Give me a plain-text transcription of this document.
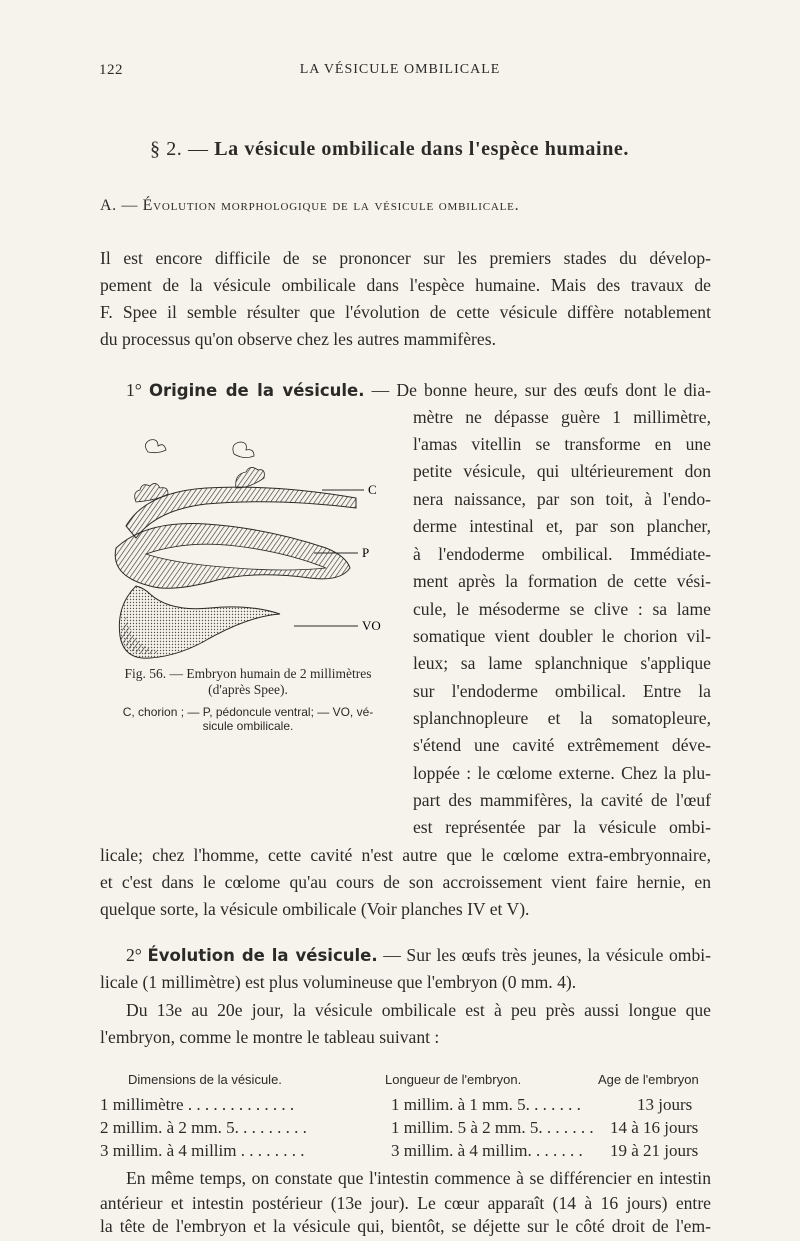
122	LA VÉSICULE OMBILICALE
§ 2. — La vésicule ombilicale dans l'espèce humaine.
A. — Évolution morphologique de la vésicule ombilicale.
Il est encore difficile de se prononcer sur les premiers stades du dévelop-
pement de la vésicule ombilicale dans l'espèce humaine. Mais des travaux de
F. Spee il semble résulter que l'évolution de cette vésicule diffère notablement
du processus qu'on observe chez les autres mammifères.
1° Origine de la vésicule. — De bonne heure, sur des œufs dont le dia-
mètre ne dépasse guère 1 millimètre,
l'amas vitellin se transforme en une
petite vésicule, qui ultérieurement don
nera naissance, par son toit, à l'endo-
derme intestinal et, par son plancher,
à l'endoderme ombilical. Immédiate-
ment après la formation de cette vési-
cule, le mésoderme se clive : sa lame
somatique vient doubler le chorion vil-
leux; sa lame splanchnique s'applique
sur l'endoderme ombilical. Entre la
splanchnopleure et la somatopleure,
s'étend une cavité extrêmement déve-
loppée : le cœlome externe. Chez la plu-
part des mammifères, la cavité de l'œuf
est représentée par la vésicule ombi-
licale; chez l'homme, cette cavité n'est autre que le cœlome extra-embryonnaire,
et c'est dans le cœlome qu'au cours de son accroissement vient faire hernie, en
quelque sorte, la vésicule ombilicale (Voir planches IV et V).
C
P
VO
Fig. 56. — Embryon humain de 2 millimètres
(d'après Spee).
C, chorion ; — P, pédoncule ventral; — VO, vé-
sicule ombilicale.
2° Évolution de la vésicule. — Sur les œufs très jeunes, la vésicule ombi-
licale (1 millimètre) est plus volumineuse que l'embryon (0 mm. 4).
Du 13e au 20e jour, la vésicule ombilicale est à peu près aussi longue que
l'embryon, comme le montre le tableau suivant :
Dimensions de la vésicule.	Longueur de l'embryon.	Age de l'embryon
1 millimètre . . . . . . . . . . . . .	1 millim. à 1 mm. 5. . . . . . .	13 jours
2 millim. à 2 mm. 5. . . . . . . . .	1 millim. 5 à 2 mm. 5. . . . . . . 14 à 16 jours
3 millim. à 4 millim . . . . . . . .	3 millim. à 4 millim. . . . . . . 19 à 21 jours
En même temps, on constate que l'intestin commence à se différencier en intestin
antérieur et intestin postérieur (13e jour). Le cœur apparaît (14 à 16 jours) entre
la tête de l'embryon et la vésicule qui, bientôt, se déjette sur le côté droit de l'em-
